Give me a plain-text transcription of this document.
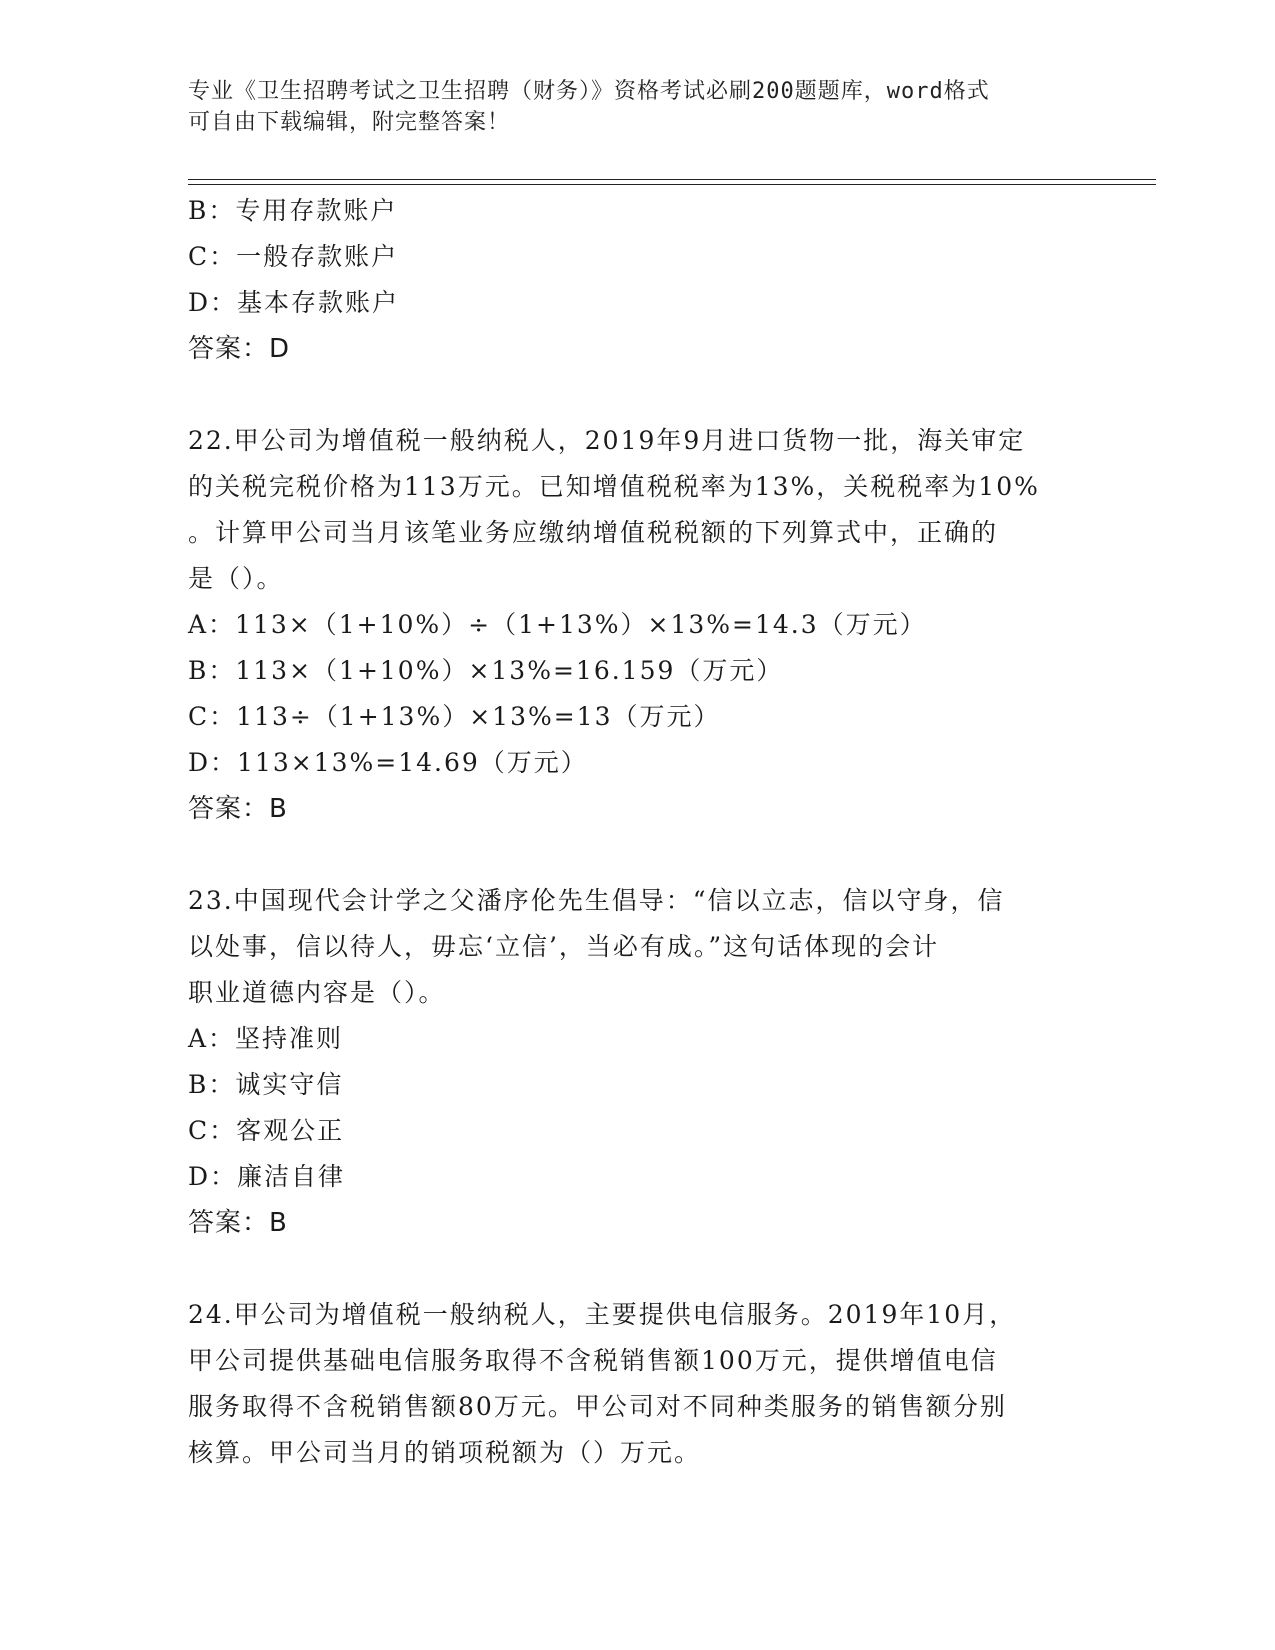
专业《卫生招聘考试之卫生招聘（财务）》资格考试必刷200题题库，word格式
可自由下载编辑，附完整答案！
B：专用存款账户
C：一般存款账户
D：基本存款账户
答案：D
22.甲公司为增值税一般纳税人，2019年9月进口货物一批，海关审定
的关税完税价格为113万元。已知增值税税率为13%，关税税率为10%
。计算甲公司当月该笔业务应缴纳增值税税额的下列算式中，正确的
是（）。
A：113×（1+10%）÷（1+13%）×13%=14.3（万元）
B：113×（1+10%）×13%=16.159（万元）
C：113÷（1+13%）×13%=13（万元）
D：113×13%=14.69（万元）
答案：B
23.中国现代会计学之父潘序伦先生倡导：“信以立志，信以守身，信
以处事，信以待人，毋忘‘立信’，当必有成。”这句话体现的会计
职业道德内容是（）。
A：坚持准则
B：诚实守信
C：客观公正
D：廉洁自律
答案：B
24.甲公司为增值税一般纳税人，主要提供电信服务。2019年10月，
甲公司提供基础电信服务取得不含税销售额100万元，提供增值电信
服务取得不含税销售额80万元。甲公司对不同种类服务的销售额分别
核算。甲公司当月的销项税额为（）万元。
